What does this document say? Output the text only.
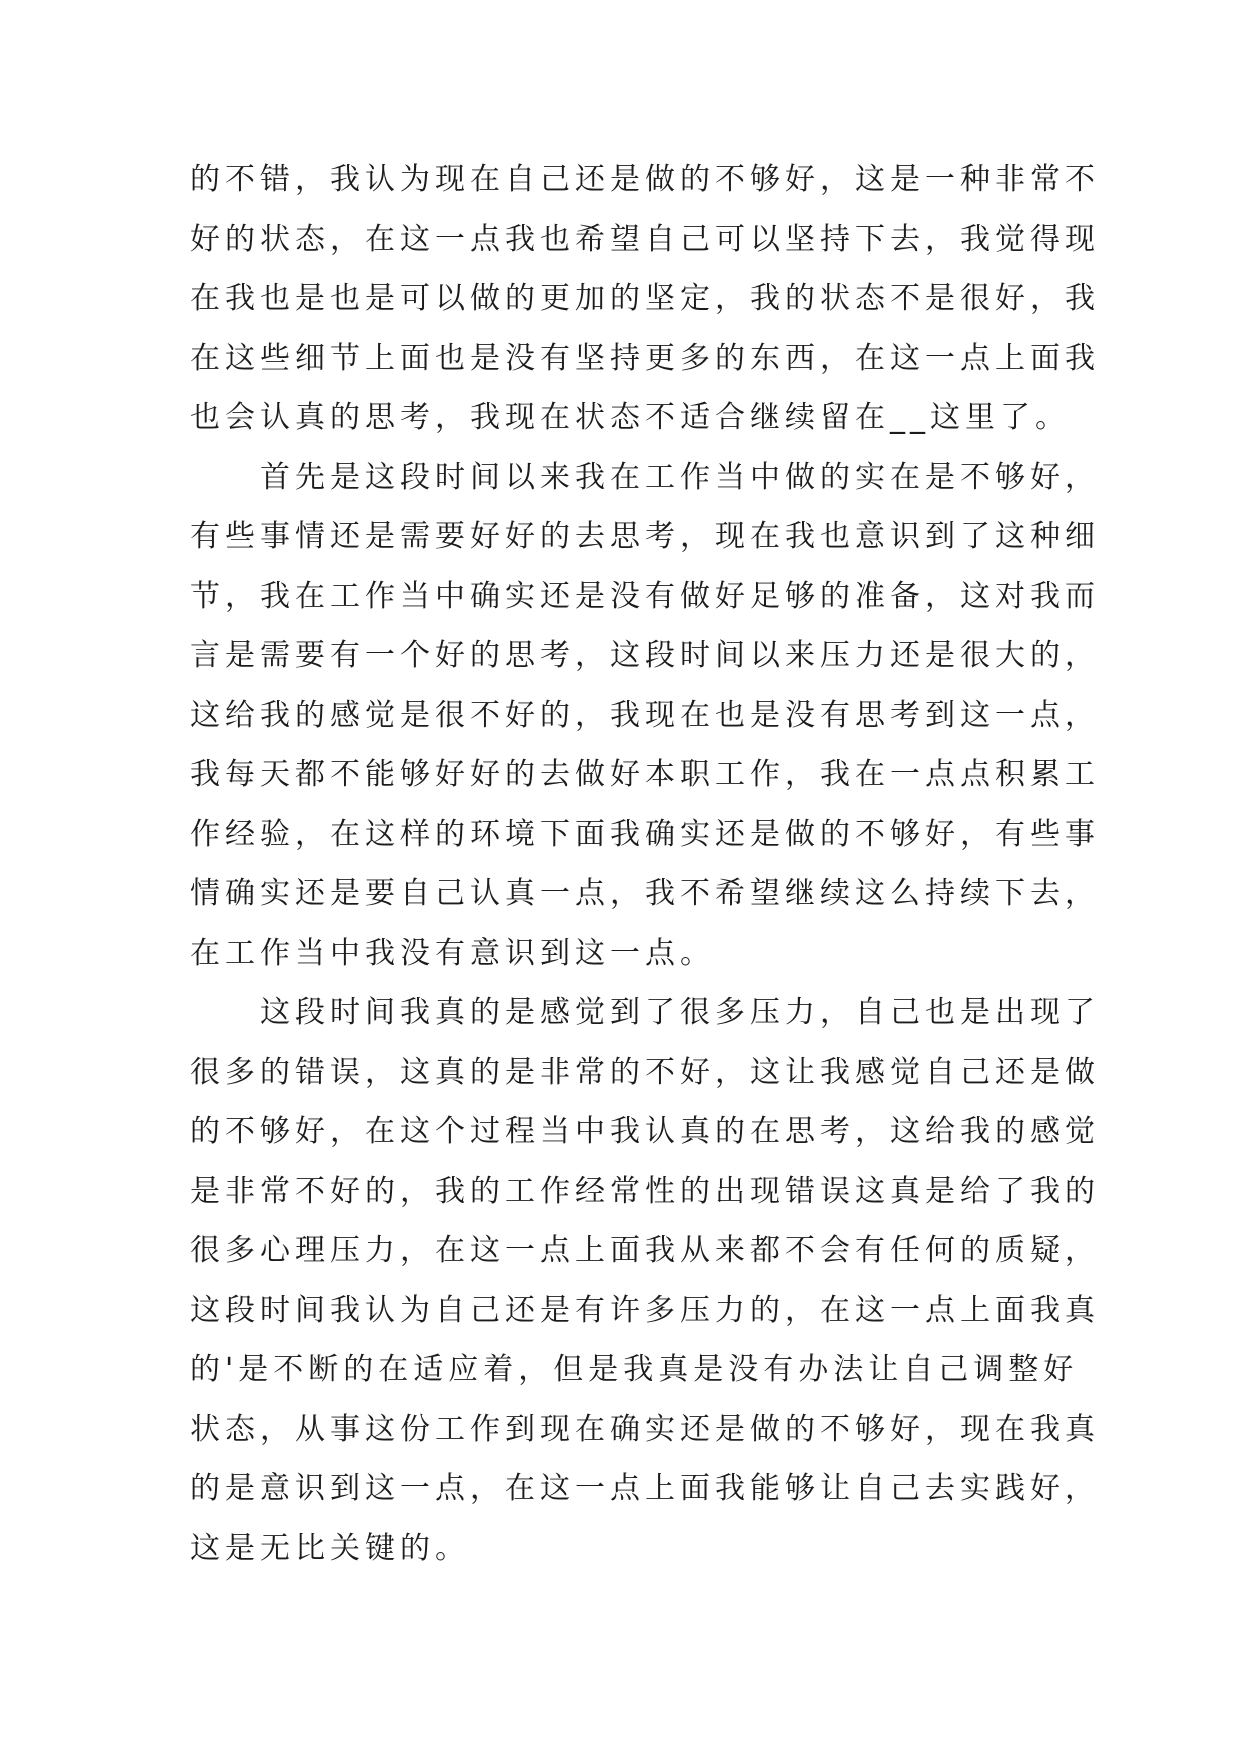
的不错，我认为现在自己还是做的不够好，这是一种非常不
好的状态，在这一点我也希望自己可以坚持下去，我觉得现
在我也是也是可以做的更加的坚定，我的状态不是很好，我
在这些细节上面也是没有坚持更多的东西，在这一点上面我
也会认真的思考，我现在状态不适合继续留在__这里了。
　　首先是这段时间以来我在工作当中做的实在是不够好，
有些事情还是需要好好的去思考，现在我也意识到了这种细
节，我在工作当中确实还是没有做好足够的准备，这对我而
言是需要有一个好的思考，这段时间以来压力还是很大的，
这给我的感觉是很不好的，我现在也是没有思考到这一点，
我每天都不能够好好的去做好本职工作，我在一点点积累工
作经验，在这样的环境下面我确实还是做的不够好，有些事
情确实还是要自己认真一点，我不希望继续这么持续下去，
在工作当中我没有意识到这一点。
　　这段时间我真的是感觉到了很多压力，自己也是出现了
很多的错误，这真的是非常的不好，这让我感觉自己还是做
的不够好，在这个过程当中我认真的在思考，这给我的感觉
是非常不好的，我的工作经常性的出现错误这真是给了我的
很多心理压力，在这一点上面我从来都不会有任何的质疑，
这段时间我认为自己还是有许多压力的，在这一点上面我真
的'是不断的在适应着，但是我真是没有办法让自己调整好
状态，从事这份工作到现在确实还是做的不够好，现在我真
的是意识到这一点，在这一点上面我能够让自己去实践好，
这是无比关键的。
